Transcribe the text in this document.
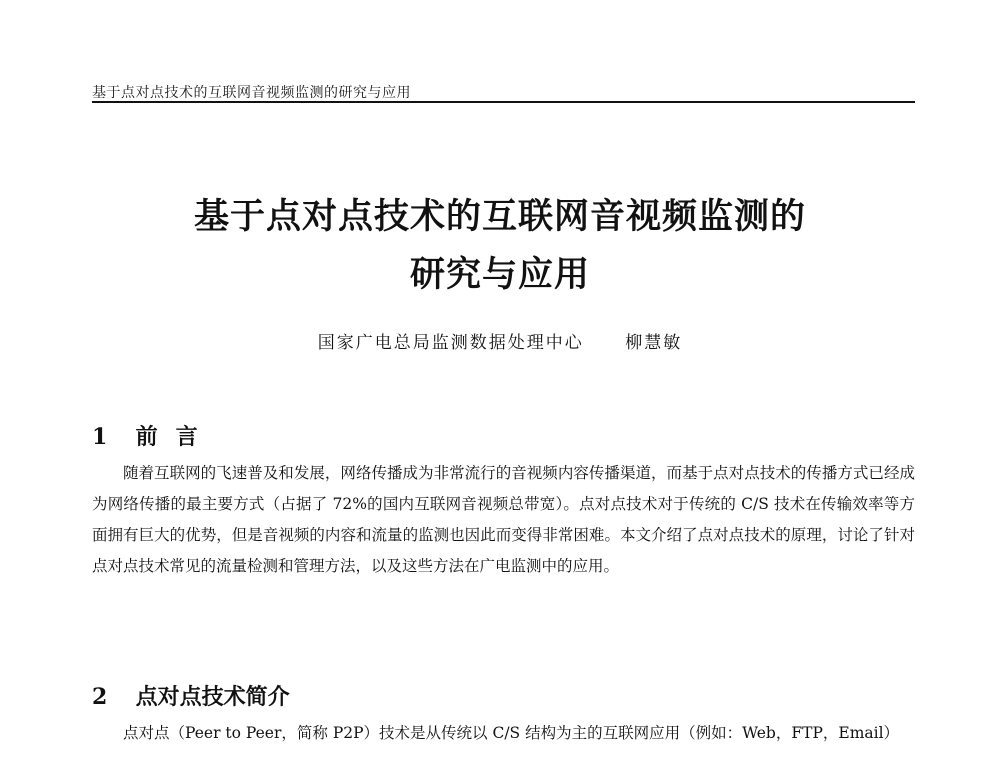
基于点对点技术的互联网音视频监测的研究与应用
基于点对点技术的互联网音视频监测的
研究与应用
国家广电总局监测数据处理中心 柳慧敏
1 前言
随着互联网的飞速普及和发展，网络传播成为非常流行的音视频内容传播渠道，而基于点对点技术的传播方式已经成为网络传播的最主要方式（占据了 72%的国内互联网音视频总带宽）。点对点技术对于传统的 C/S 技术在传输效率等方面拥有巨大的优势，但是音视频的内容和流量的监测也因此而变得非常困难。本文介绍了点对点技术的原理，讨论了针对点对点技术常见的流量检测和管理方法，以及这些方法在广电监测中的应用。
2 点对点技术简介
点对点（Peer to Peer，简称 P2P）技术是从传统以 C/S 结构为主的互联网应用（例如：Web，FTP，Email）
